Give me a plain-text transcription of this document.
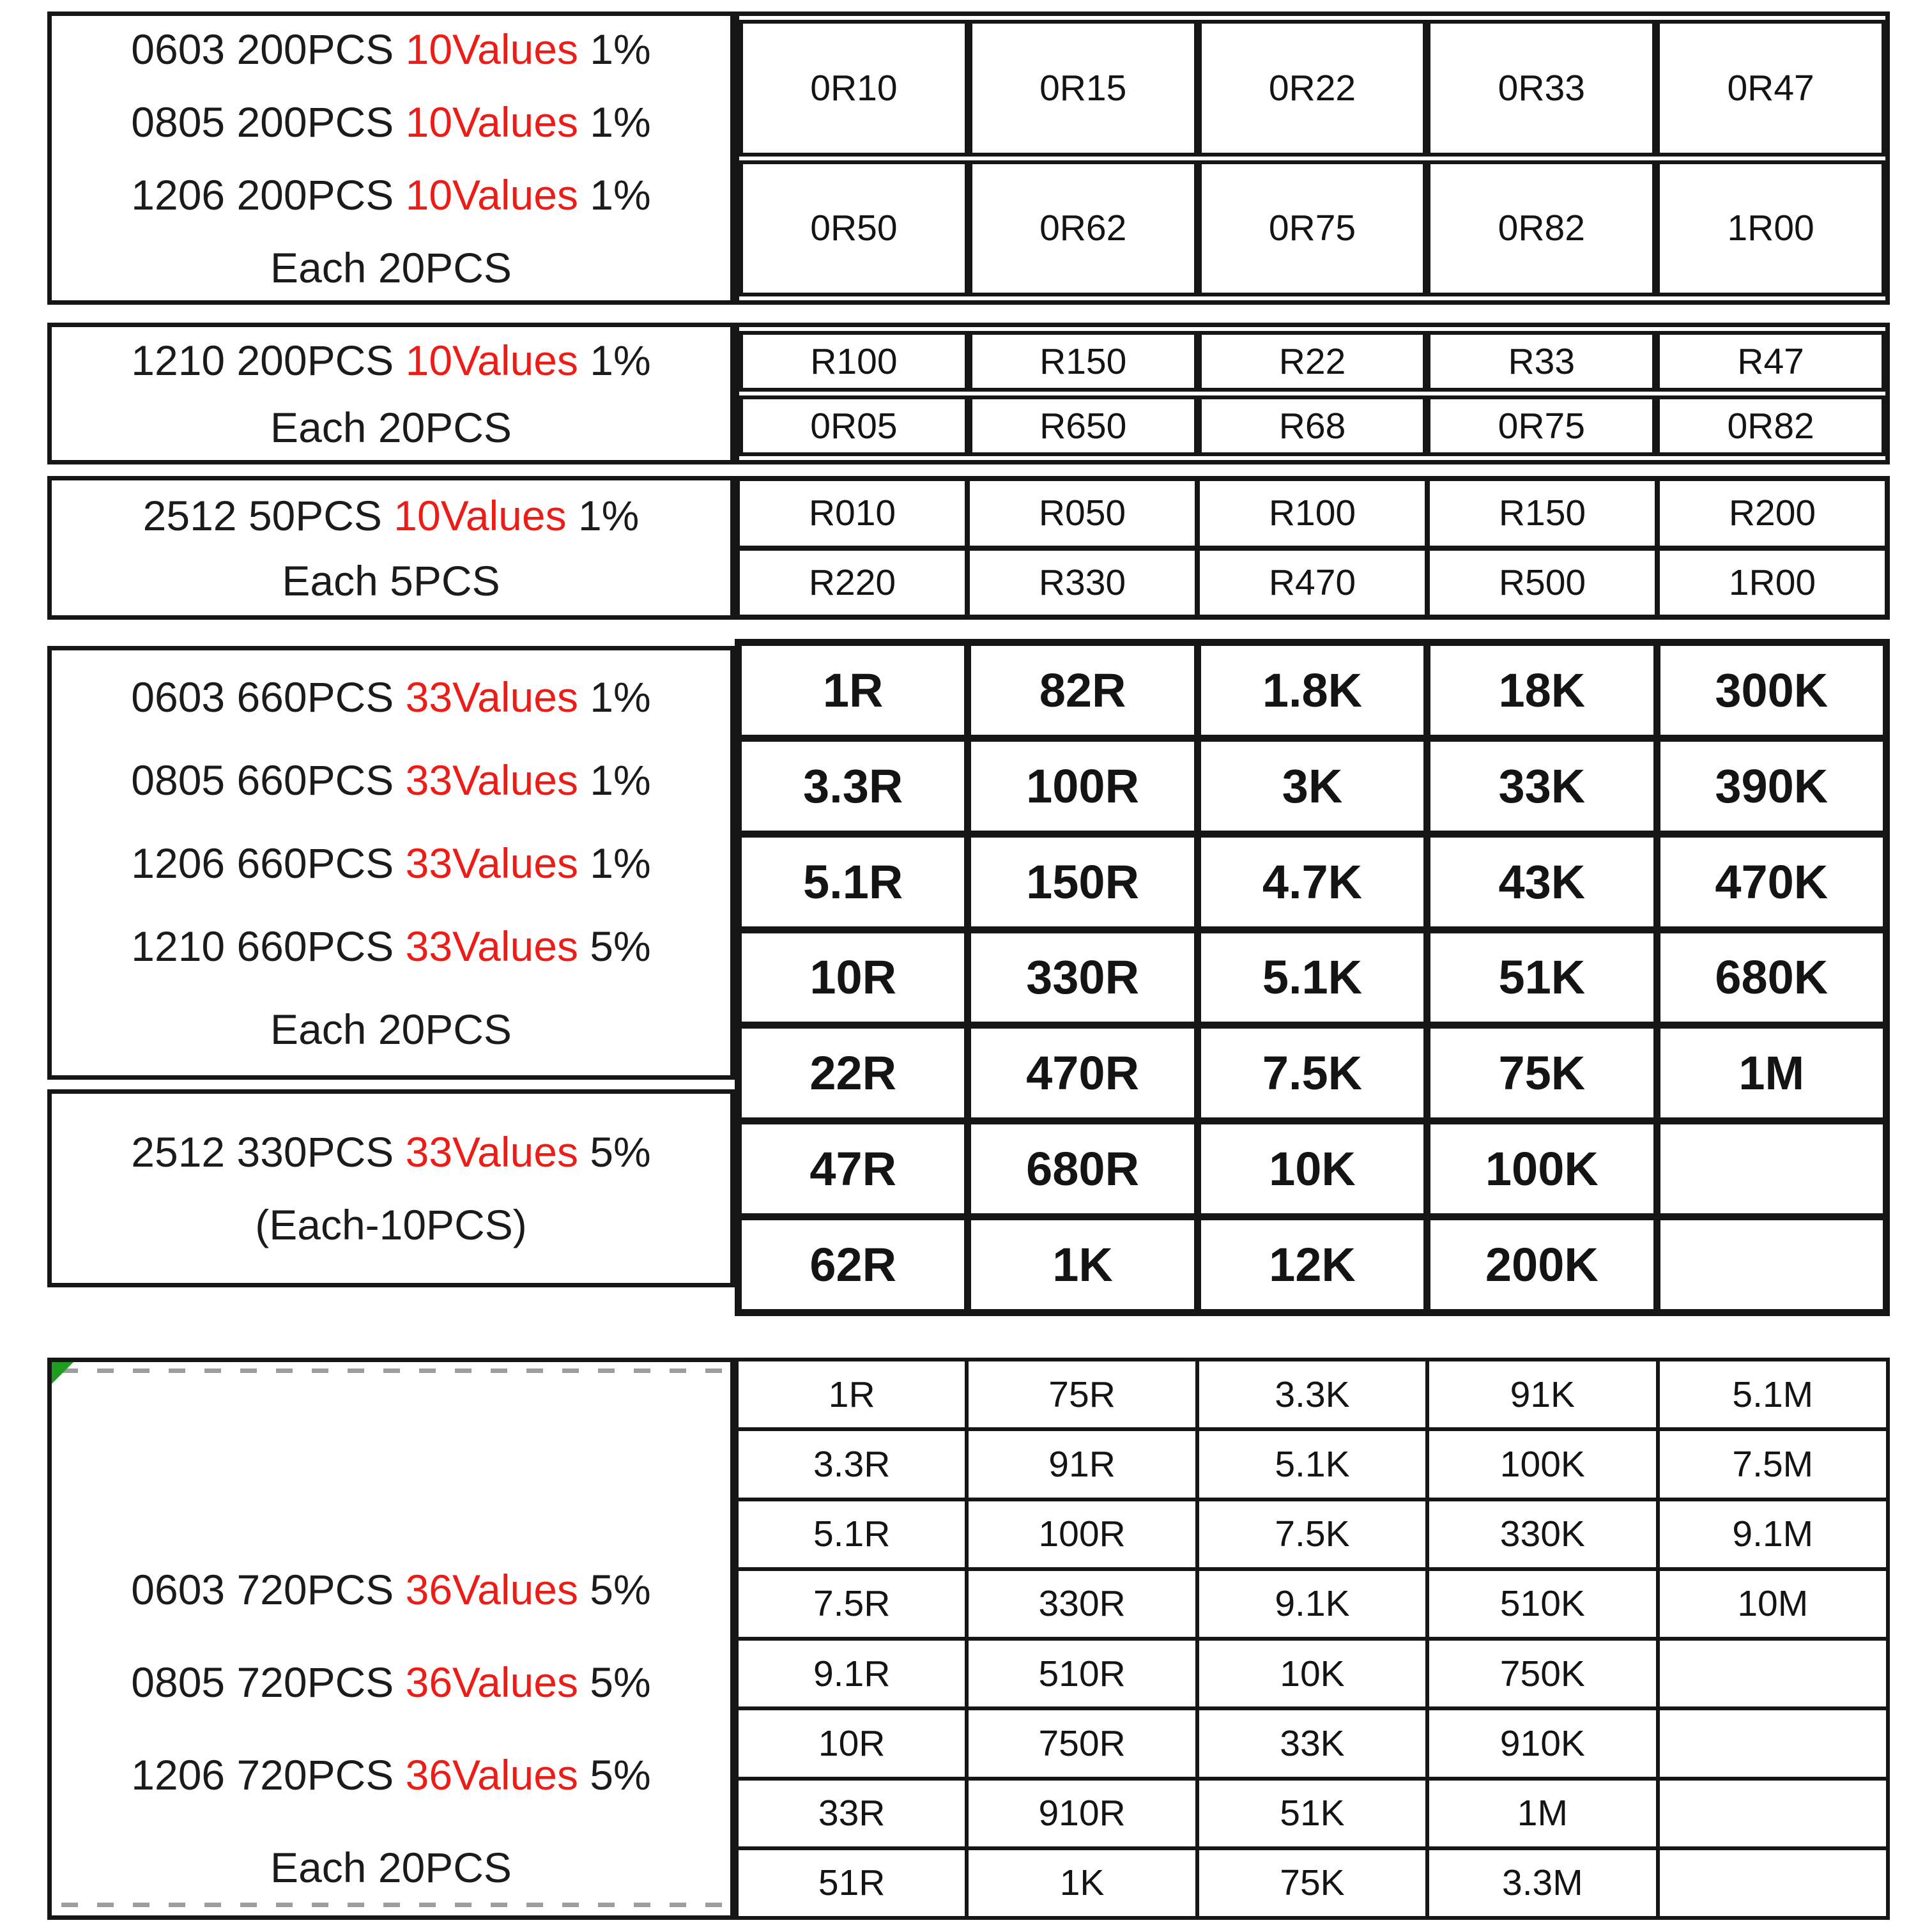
0603 200PCS 10Values 1%
0805 200PCS 10Values 1%
1206 200PCS 10Values 1%
Each 20PCS
0R10	0R15	0R22	0R33	0R47
0R50	0R62	0R75	0R82	1R00
1210 200PCS 10Values 1%
Each 20PCS
R100	R150	R22	R33	R47
0R05	R650	R68	0R75	0R82
2512 50PCS 10Values 1%
Each 5PCS
R010	R050	R100	R150	R200
R220	R330	R470	R500	1R00
0603 660PCS 33Values 1%
0805 660PCS 33Values 1%
1206 660PCS 33Values 1%
1210 660PCS 33Values 5%
Each 20PCS
2512 330PCS 33Values 5%
(Each-10PCS)
1R	82R	1.8K	18K	300K
3.3R	100R	3K	33K	390K
5.1R	150R	4.7K	43K	470K
10R	330R	5.1K	51K	680K
22R	470R	7.5K	75K	1M
47R	680R	10K	100K	
62R	1K	12K	200K	
0603 720PCS 36Values 5%
0805 720PCS 36Values 5%
1206 720PCS 36Values 5%
Each 20PCS
1R	75R	3.3K	91K	5.1M
3.3R	91R	5.1K	100K	7.5M
5.1R	100R	7.5K	330K	9.1M
7.5R	330R	9.1K	510K	10M
9.1R	510R	10K	750K	
10R	750R	33K	910K	
33R	910R	51K	1M	
51R	1K	75K	3.3M	
